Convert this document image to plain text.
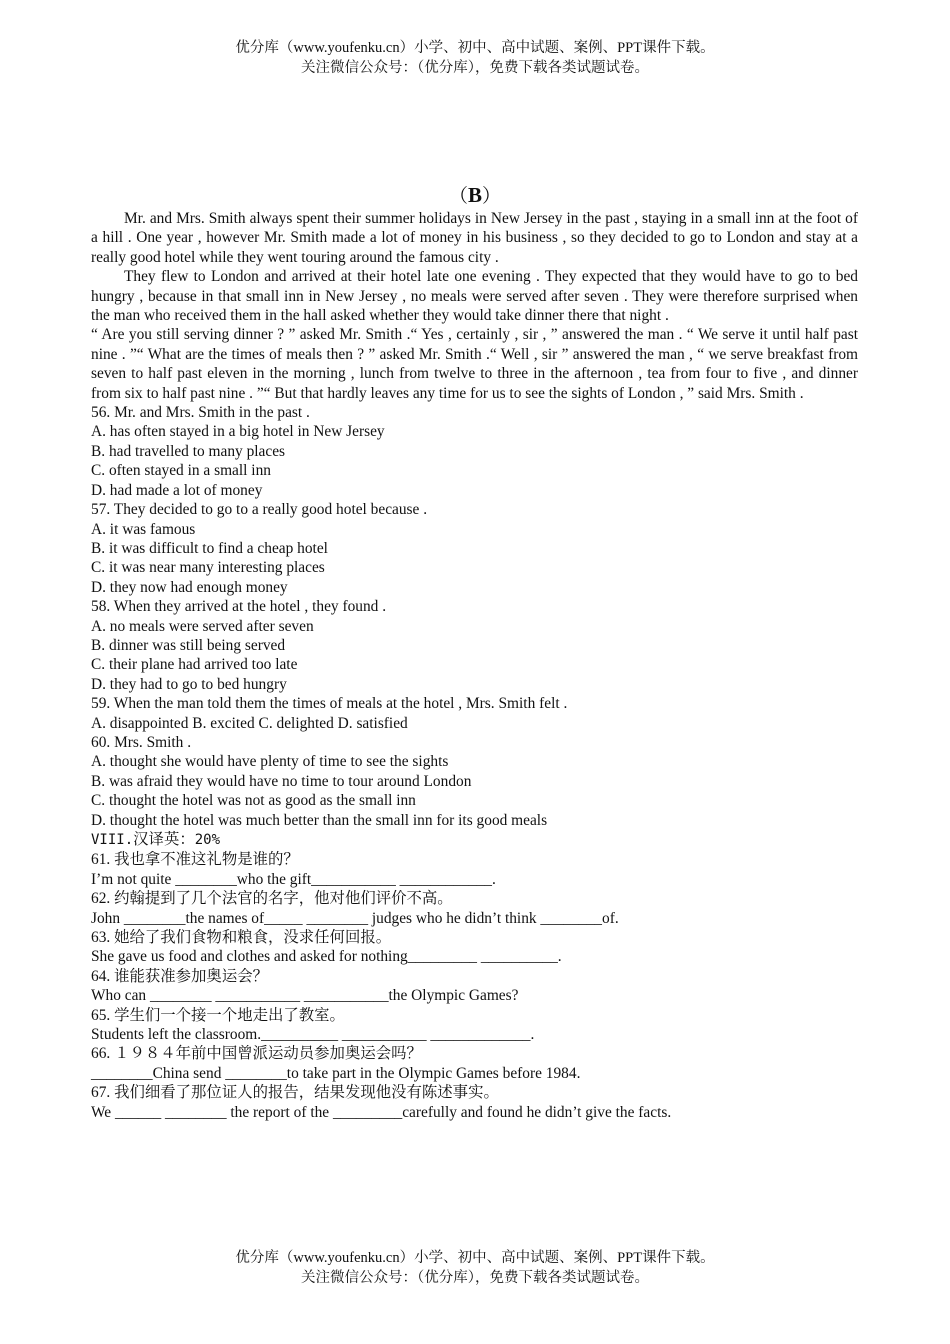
优分库（www.youfenku.cn）小学、初中、高中试题、案例、PPT课件下载。
关注微信公众号：（优分库），免费下载各类试题试卷。
（B）

Mr. and Mrs. Smith always spent their summer holidays in New Jersey in the past , staying in a small inn at the foot of a hill . One year , however Mr. Smith made a lot of money in his business , so they decided to go to London and stay at a really good hotel while they went touring around the famous city .

They flew to London and arrived at their hotel late one evening . They expected that they would have to go to bed hungry , because in that small inn in New Jersey , no meals were served after seven . They were therefore surprised when the man who received them in the hall asked whether they would take dinner there that night .

“ Are you still serving dinner ? ” asked Mr. Smith .“ Yes , certainly , sir , ” answered the man . “ We serve it until half past nine . ”“ What are the times of meals then ? ” asked Mr. Smith .“ Well , sir ” answered the man , “ we serve breakfast from seven to half past eleven in the morning , lunch from twelve to three in the afternoon , tea from four to five , and dinner from six to half past nine . ”“ But that hardly leaves any time for us to see the sights of London , ” said Mrs. Smith .

56. Mr. and Mrs. Smith in the past .

A. has often stayed in a big hotel in New Jersey

B. had travelled to many places

C. often stayed in a small inn

D. had made a lot of money

57. They decided to go to a really good hotel because .

A. it was famous

B. it was difficult to find a cheap hotel

C. it was near many interesting places

D. they now had enough money

58. When they arrived at the hotel , they found .

A. no meals were served after seven

B. dinner was still being served

C. their plane had arrived too late

D. they had to go to bed hungry

59. When the man told them the times of meals at the hotel , Mrs. Smith felt .

A. disappointed B. excited C. delighted D. satisfied

60. Mrs. Smith .

A. thought she would have plenty of time to see the sights

B. was afraid they would have no time to tour around London

C. thought the hotel was not as good as the small inn

D. thought the hotel was much better than the small inn for its good meals

VIII.汉译英：20%

61. 我也拿不准这礼物是谁的？

I’m not quite ________who the gift___________ ____________.

62. 约翰提到了几个法官的名字，他对他们评价不高。

John ________the names of_____ ________ judges who he didn’t think ________of.

63. 她给了我们食物和粮食，没求任何回报。

She gave us food and clothes and asked for nothing_________ __________.

64. 谁能获准参加奥运会？

Who can ________ ___________ ___________the Olympic Games?

65. 学生们一个接一个地走出了教室。

Students left the classroom.__________ ___________ _____________.

66. １９８４年前中国曾派运动员参加奥运会吗？

________China send ________to take part in the Olympic Games before 1984.

67. 我们细看了那位证人的报告，结果发现他没有陈述事实。

We ______ ________ the report of the _________carefully and found he didn’t give the facts.

优分库（www.youfenku.cn）小学、初中、高中试题、案例、PPT课件下载。
关注微信公众号：（优分库），免费下载各类试题试卷。
